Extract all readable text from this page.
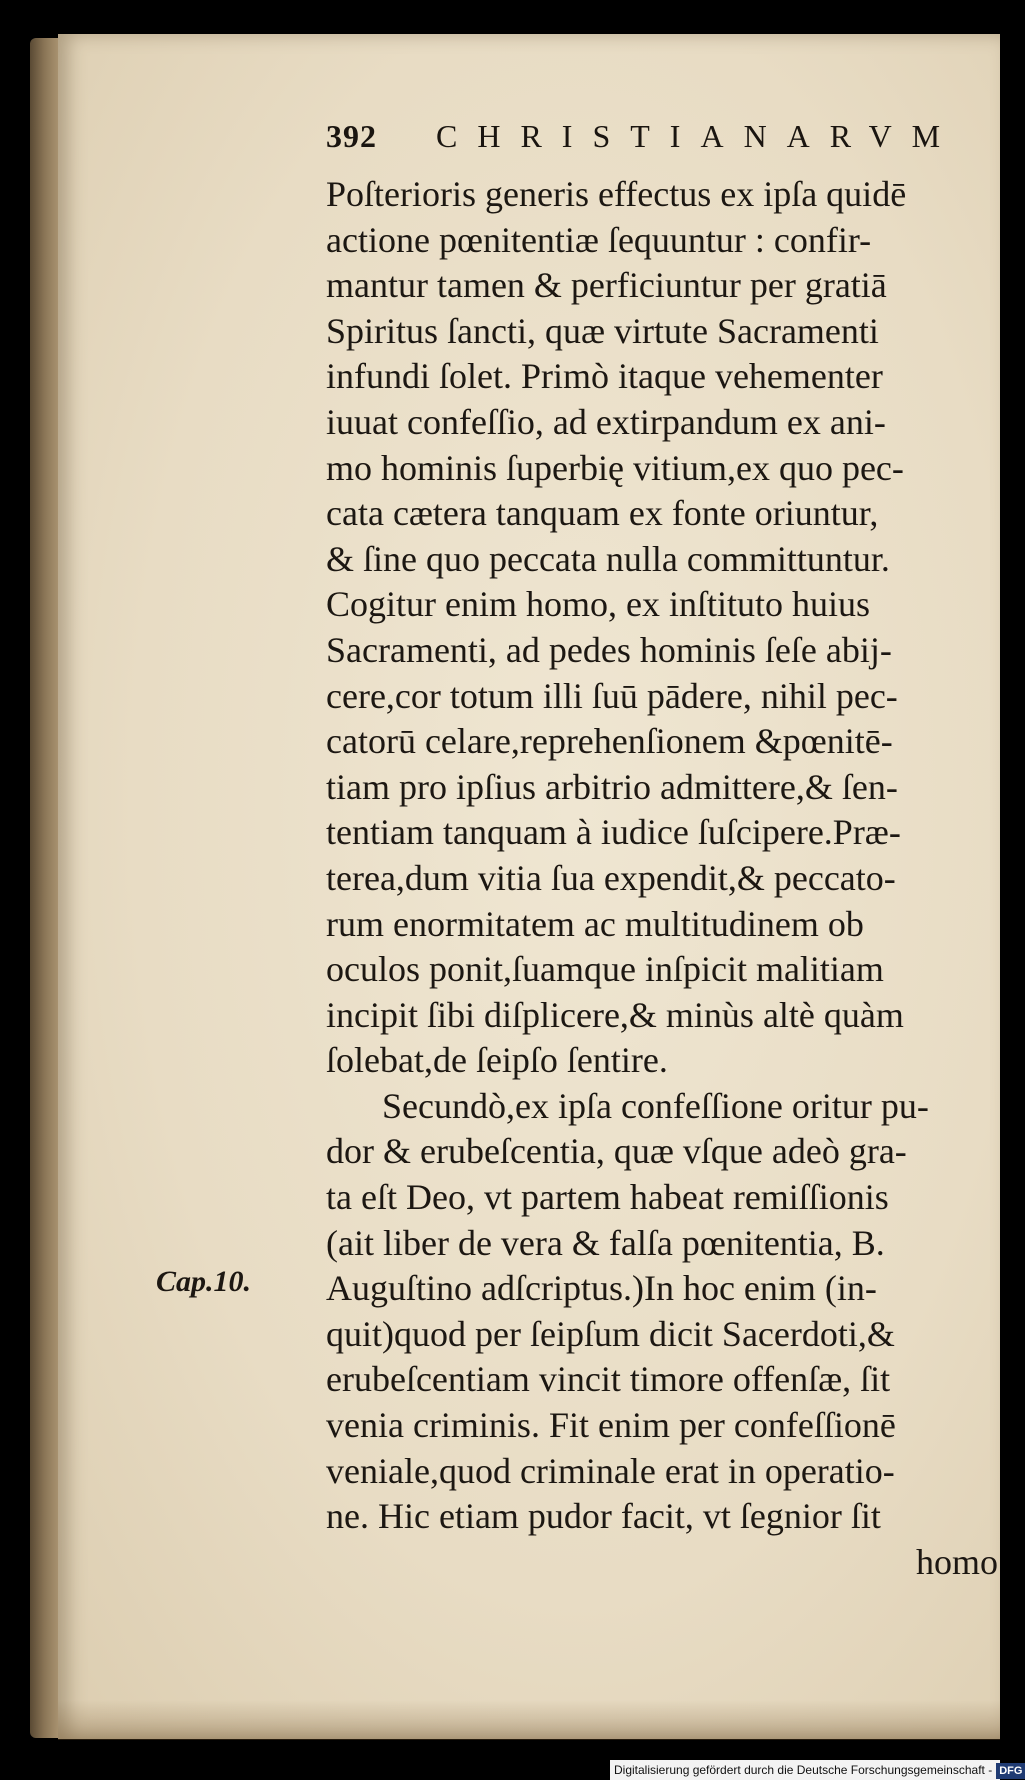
392 CHRISTIANARVM
Cap.10.
Poſterioris generis effectus ex ipſa quidē
actione pœnitentiæ ſequuntur : confir-
mantur tamen & perficiuntur per gratiā
Spiritus ſancti, quæ virtute Sacramenti
infundi ſolet. Primò itaque vehementer
iuuat confeſſio, ad extirpandum ex ani-
mo hominis ſuperbię vitium,ex quo pec-
cata cætera tanquam ex fonte oriuntur,
& ſine quo peccata nulla committuntur.
Cogitur enim homo, ex inſtituto huius
Sacramenti, ad pedes hominis ſeſe abij-
cere,cor totum illi ſuū pādere, nihil pec-
catorū celare,reprehenſionem &pœnitē-
tiam pro ipſius arbitrio admittere,& ſen-
tentiam tanquam à iudice ſuſcipere.Præ-
terea,dum vitia ſua expendit,& peccato-
rum enormitatem ac multitudinem ob
oculos ponit,ſuamque inſpicit malitiam
incipit ſibi diſplicere,& minùs altè quàm
ſolebat,de ſeipſo ſentire.
Secundò,ex ipſa confeſſione oritur pu-
dor & erubeſcentia, quæ vſque adeò gra-
ta eſt Deo, vt partem habeat remiſſionis
(ait liber de vera & falſa pœnitentia, B.
Auguſtino adſcriptus.)In hoc enim (in-
quit)quod per ſeipſum dicit Sacerdoti,&
erubeſcentiam vincit timore offenſæ, ſit
venia criminis. Fit enim per confeſſionē
veniale,quod criminale erat in operatio-
ne. Hic etiam pudor facit, vt ſegnior ſit
homo
Digitalisierung gefördert durch die Deutsche Forschungsgemeinschaft - DFG
